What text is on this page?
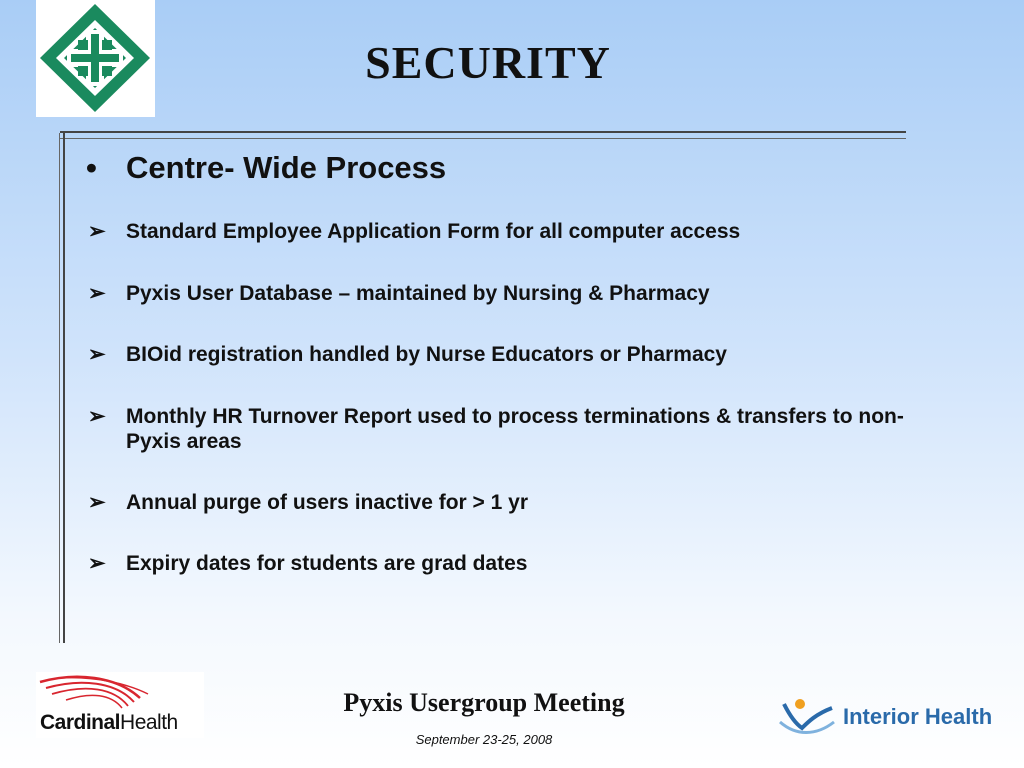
SECURITY
• Centre- Wide Process
➢ Standard Employee Application Form for all computer access
➢ Pyxis User Database – maintained by Nursing & Pharmacy
➢ BIOid registration handled by Nurse Educators or Pharmacy
➢ Monthly HR Turnover Report used to process terminations & transfers to non-Pyxis areas
➢ Annual purge of users inactive for > 1 yr
➢ Expiry dates for students are grad dates
CardinalHealth
Pyxis Usergroup Meeting
September 23-25, 2008
Interior Health
